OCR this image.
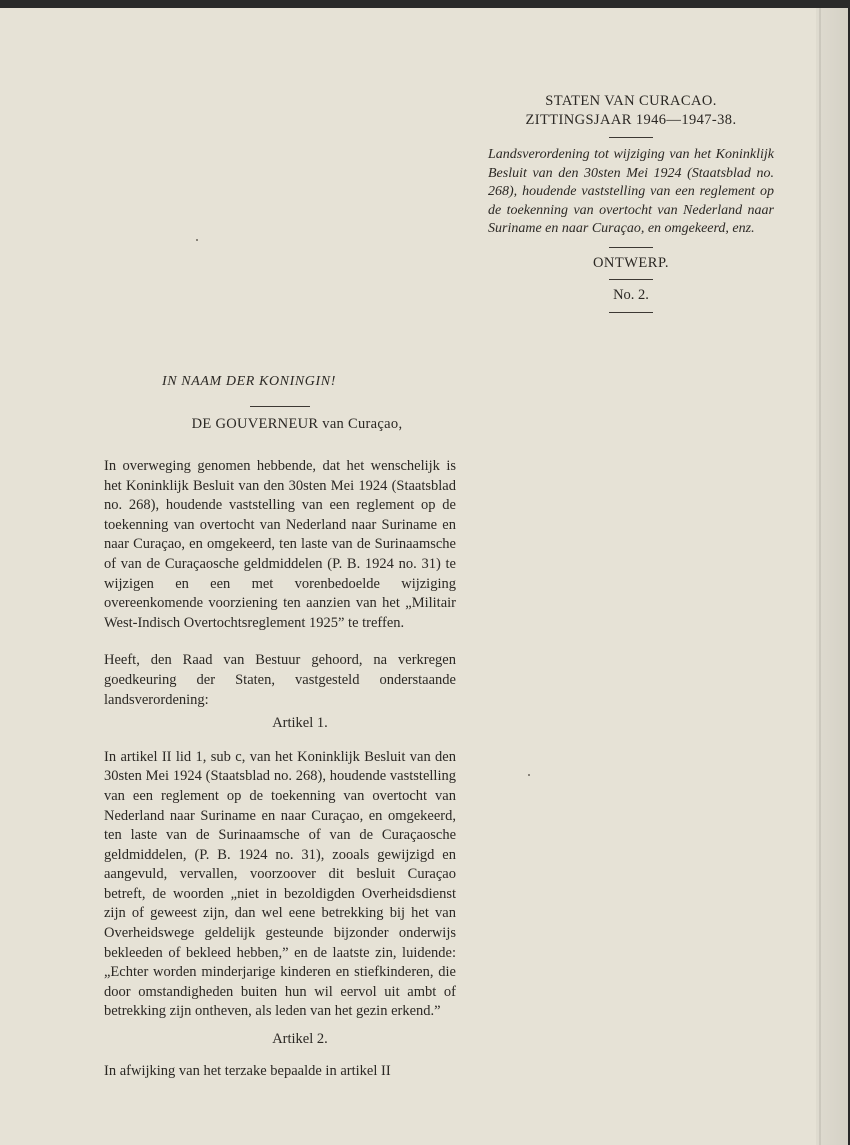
STATEN VAN CURACAO.
ZITTINGSJAAR 1946—1947-38.
Landsverordening tot wijziging van het Koninklijk Besluit van den 30sten Mei 1924 (Staatsblad no. 268), houdende vaststelling van een reglement op de toekenning van overtocht van Nederland naar Suriname en naar Curaçao, en omgekeerd, enz.
ONTWERP.
No. 2.
IN NAAM DER KONINGIN!
DE GOUVERNEUR van Curaçao,

In overweging genomen hebbende, dat het wenschelijk is het Koninklijk Besluit van den 30sten Mei 1924 (Staatsblad no. 268), houdende vaststelling van een reglement op de toekenning van overtocht van Nederland naar Suriname en naar Curaçao, en omgekeerd, ten laste van de Surinaamsche of van de Curaçaosche geldmiddelen (P. B. 1924 no. 31) te wijzigen en een met vorenbedoelde wijziging overeenkomende voorziening ten aanzien van het „Militair West-Indisch Overtochtsreglement 1925” te treffen.

Heeft, den Raad van Bestuur gehoord, na verkregen goedkeuring der Staten, vastgesteld onderstaande landsverordening:

Artikel 1.

In artikel II lid 1, sub c, van het Koninklijk Besluit van den 30sten Mei 1924 (Staatsblad no. 268), houdende vaststelling van een reglement op de toekenning van overtocht van Nederland naar Suriname en naar Curaçao, en omgekeerd, ten laste van de Surinaamsche of van de Curaçaosche geldmiddelen, (P. B. 1924 no. 31), zooals gewijzigd en aangevuld, vervallen, voorzoover dit besluit Curaçao betreft, de woorden „niet in bezoldigden Overheidsdienst zijn of geweest zijn, dan wel eene betrekking bij het van Overheidswege geldelijk gesteunde bijzonder onderwijs bekleeden of bekleed hebben,” en de laatste zin, luidende: „Echter worden minderjarige kinderen en stiefkinderen, die door omstandigheden buiten hun wil eervol uit ambt of betrekking zijn ontheven, als leden van het gezin erkend.”

Artikel 2.

In afwijking van het terzake bepaalde in artikel II
